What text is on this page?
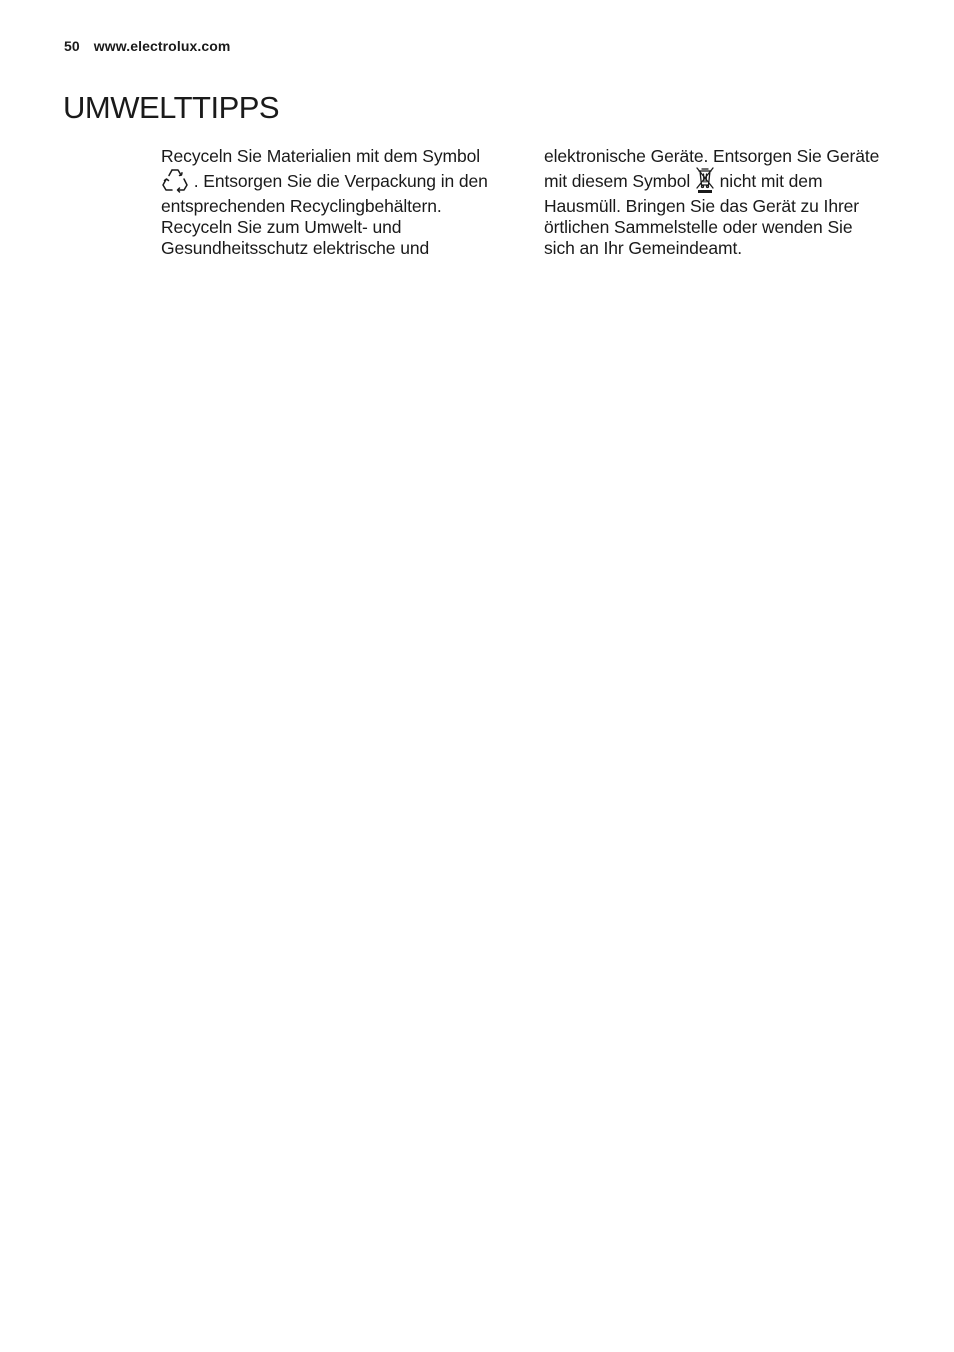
50 www.electrolux.com
UMWELTTIPPS
Recyceln Sie Materialien mit dem Symbol
. Entsorgen Sie die Verpackung in den
entsprechenden Recyclingbehältern.
Recyceln Sie zum Umwelt- und
Gesundheitsschutz elektrische und
elektronische Geräte. Entsorgen Sie Geräte
mit diesem Symbol nicht mit dem
Hausmüll. Bringen Sie das Gerät zu Ihrer
örtlichen Sammelstelle oder wenden Sie
sich an Ihr Gemeindeamt.
